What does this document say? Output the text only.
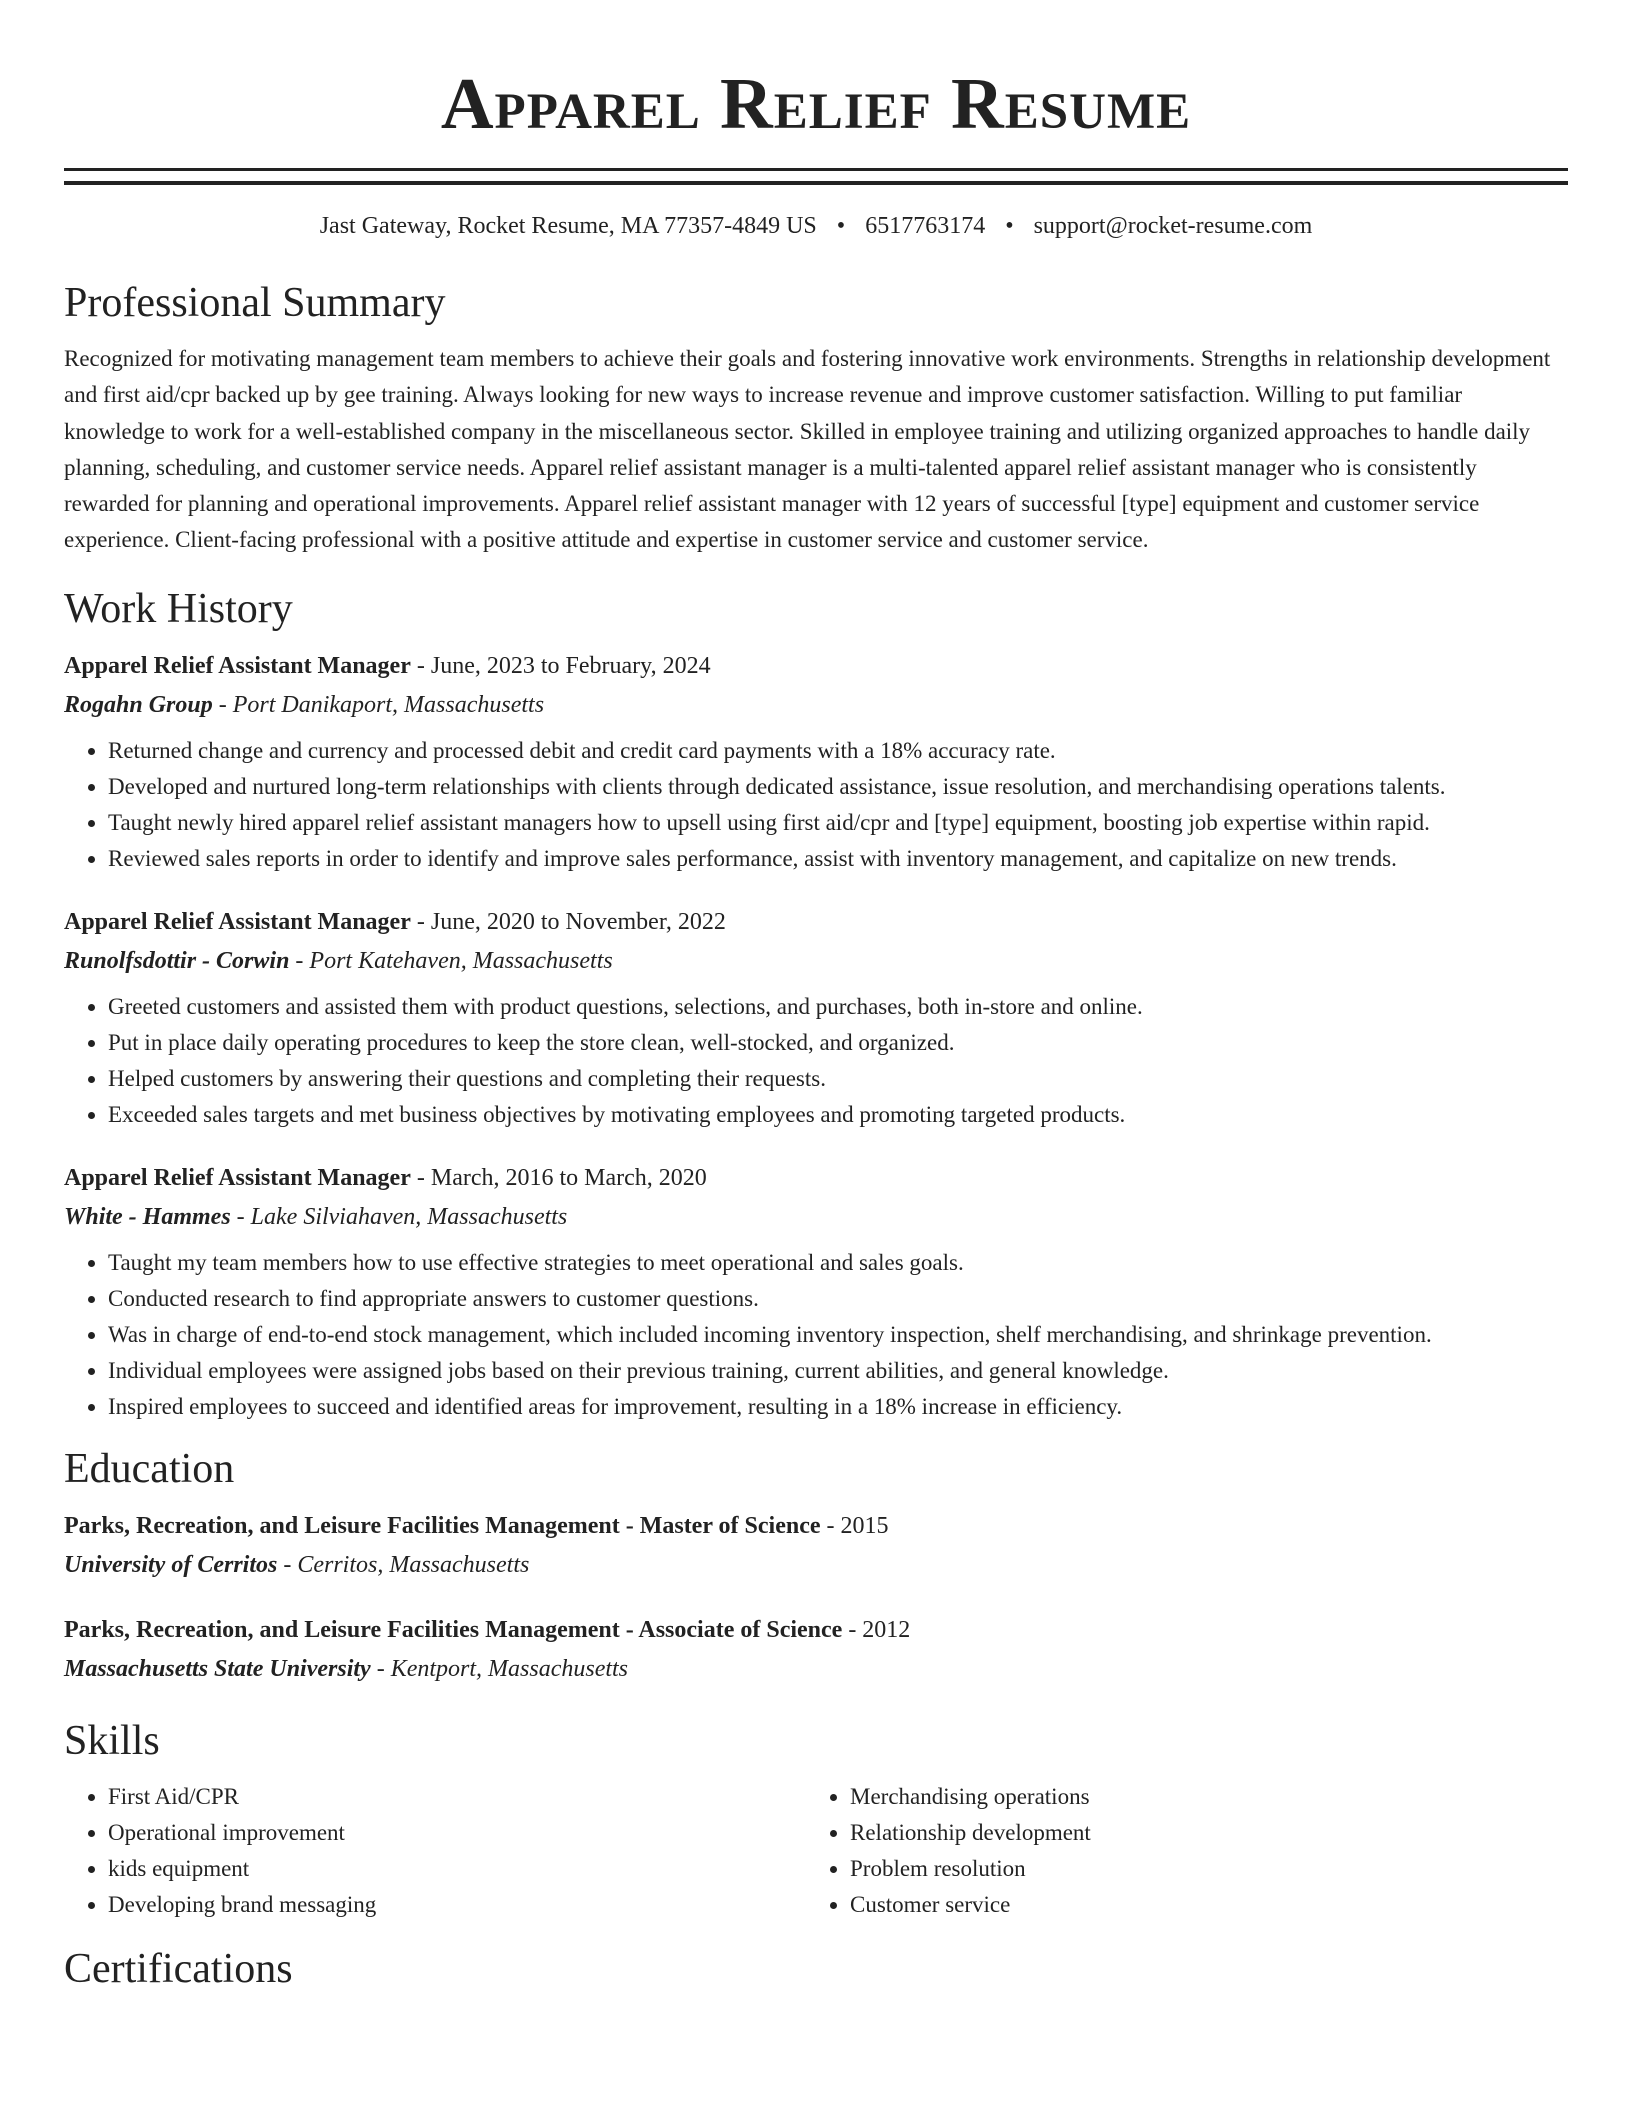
Apparel Relief Resume
Jast Gateway, Rocket Resume, MA 77357-4849 US • 6517763174 • support@rocket-resume.com
Professional Summary

Recognized for motivating management team members to achieve their goals and fostering innovative work environments. Strengths in relationship development and first aid/cpr backed up by gee training. Always looking for new ways to increase revenue and improve customer satisfaction. Willing to put familiar knowledge to work for a well-established company in the miscellaneous sector. Skilled in employee training and utilizing organized approaches to handle daily planning, scheduling, and customer service needs. Apparel relief assistant manager is a multi-talented apparel relief assistant manager who is consistently rewarded for planning and operational improvements. Apparel relief assistant manager with 12 years of successful [type] equipment and customer service experience. Client-facing professional with a positive attitude and expertise in customer service and customer service.

Work History
Apparel Relief Assistant Manager - June, 2023 to February, 2024
Rogahn Group - Port Danikaport, Massachusetts
• Returned change and currency and processed debit and credit card payments with a 18% accuracy rate.
• Developed and nurtured long-term relationships with clients through dedicated assistance, issue resolution, and merchandising operations talents.
• Taught newly hired apparel relief assistant managers how to upsell using first aid/cpr and [type] equipment, boosting job expertise within rapid.
• Reviewed sales reports in order to identify and improve sales performance, assist with inventory management, and capitalize on new trends.
Apparel Relief Assistant Manager - June, 2020 to November, 2022
Runolfsdottir - Corwin - Port Katehaven, Massachusetts
• Greeted customers and assisted them with product questions, selections, and purchases, both in-store and online.
• Put in place daily operating procedures to keep the store clean, well-stocked, and organized.
• Helped customers by answering their questions and completing their requests.
• Exceeded sales targets and met business objectives by motivating employees and promoting targeted products.
Apparel Relief Assistant Manager - March, 2016 to March, 2020
White - Hammes - Lake Silviahaven, Massachusetts
• Taught my team members how to use effective strategies to meet operational and sales goals.
• Conducted research to find appropriate answers to customer questions.
• Was in charge of end-to-end stock management, which included incoming inventory inspection, shelf merchandising, and shrinkage prevention.
• Individual employees were assigned jobs based on their previous training, current abilities, and general knowledge.
• Inspired employees to succeed and identified areas for improvement, resulting in a 18% increase in efficiency.
Education
Parks, Recreation, and Leisure Facilities Management - Master of Science - 2015
University of Cerritos - Cerritos, Massachusetts
Parks, Recreation, and Leisure Facilities Management - Associate of Science - 2012
Massachusetts State University - Kentport, Massachusetts
Skills
• First Aid/CPR
• Operational improvement
• kids equipment
• Developing brand messaging
• Merchandising operations
• Relationship development
• Problem resolution
• Customer service
Certifications
